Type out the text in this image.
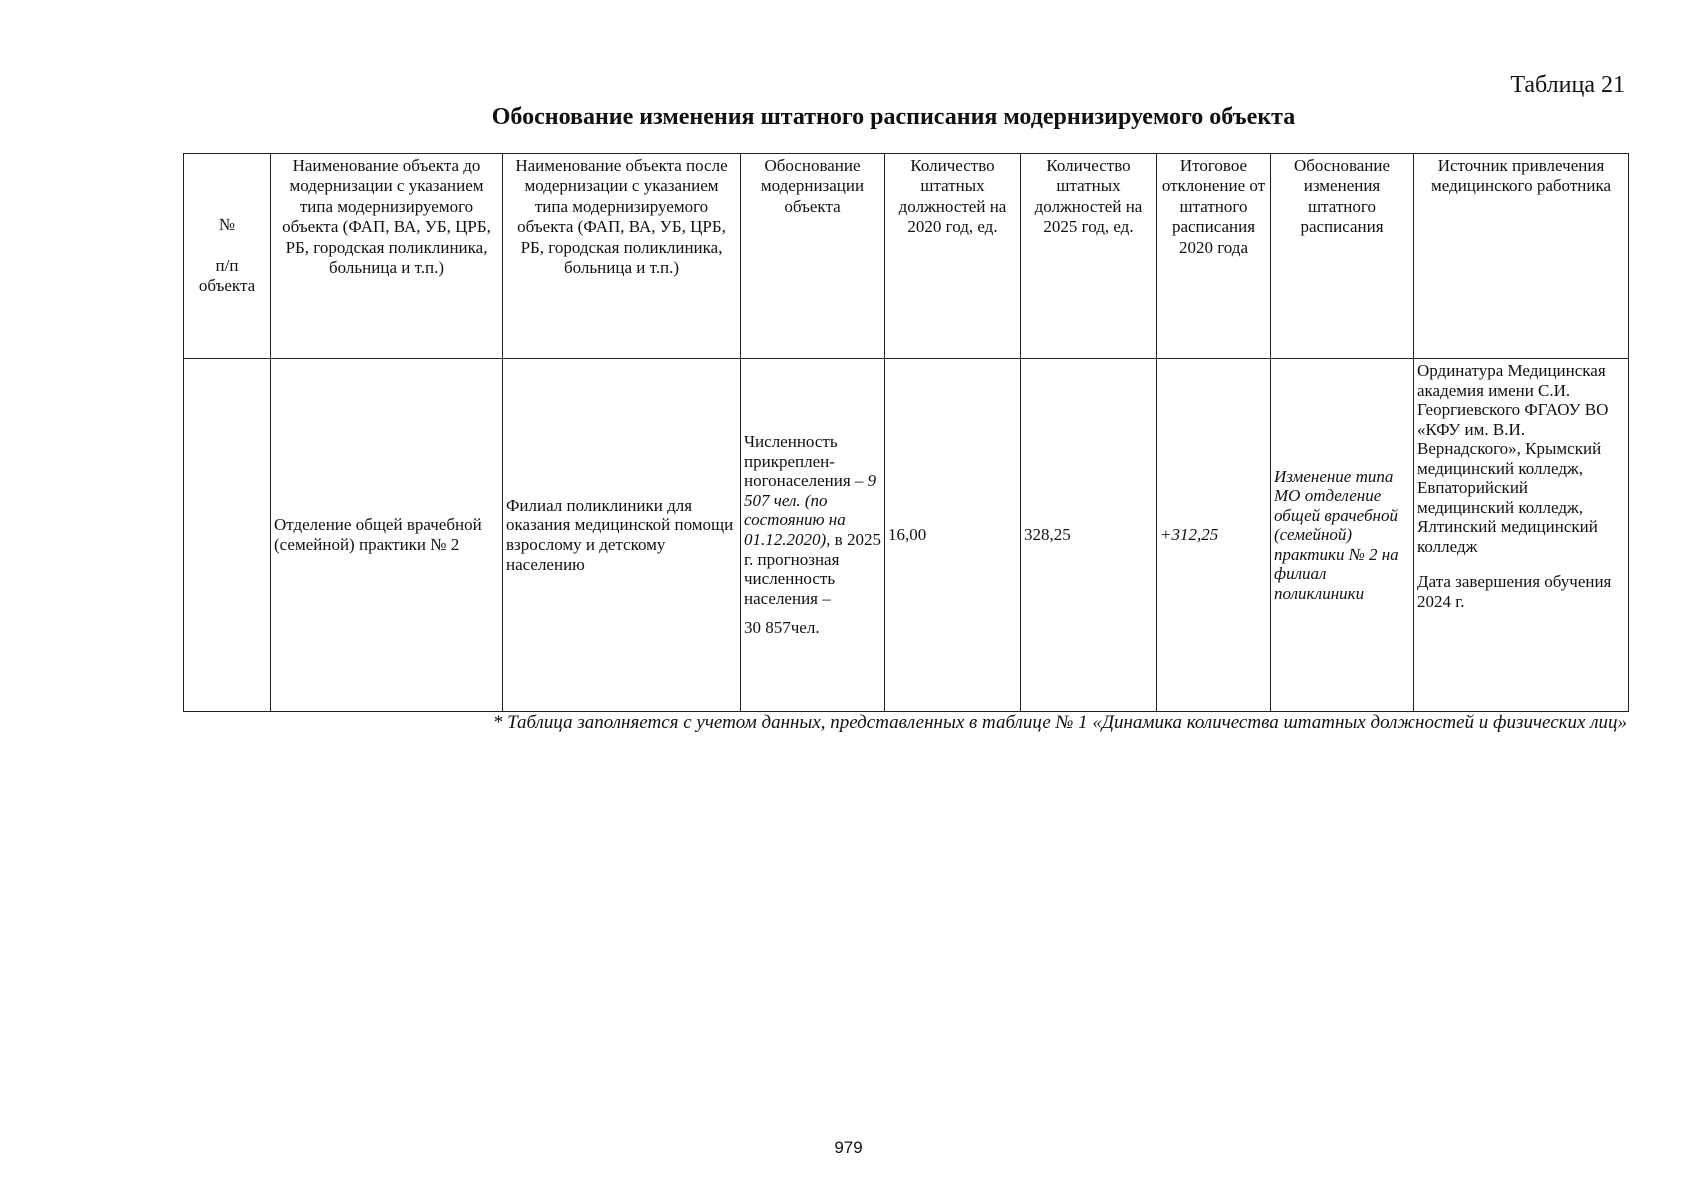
Таблица 21
Обоснование изменения штатного расписания модернизируемого объекта
№
п/п объекта	Наименование объекта до модернизации с указанием типа модернизируемого объекта (ФАП, ВА, УБ, ЦРБ, РБ, городская поликлиника, больница и т.п.)	Наименование объекта после модернизации с указанием типа модернизируемого объекта (ФАП, ВА, УБ, ЦРБ, РБ, городская поликлиника, больница и т.п.)	Обоснование модернизации объекта	Количество штатных должностей на 2020 год, ед.	Количество штатных должностей на 2025 год, ед.	Итоговое отклонение от штатного расписания 2020 года	Обоснование изменения штатного расписания	Источник привлечения медицинского работника
	Отделение общей врачебной (семейной) практики № 2	Филиал поликлиники для оказания медицинской помощи взрослому и детскому населению	Численность прикреплен-ногонаселения – 9 507 чел. (по состоянию на 01.12.2020), в 2025 г. прогнозная численность населения –
30 857чел.	16,00	328,25	+312,25	Изменение типа МО отделение общей врачебной (семейной) практики № 2 на филиал поликлиники	Ординатура Медицинская академия имени С.И. Георгиевского ФГАОУ ВО «КФУ им. В.И. Вернадского», Крымский медицинский колледж, Евпаторийский медицинский колледж, Ялтинский медицинский колледж
Дата завершения обучения 2024 г.
* Таблица заполняется с учетом данных, представленных в таблице № 1 «Динамика количества штатных должностей и физических лиц»
979
